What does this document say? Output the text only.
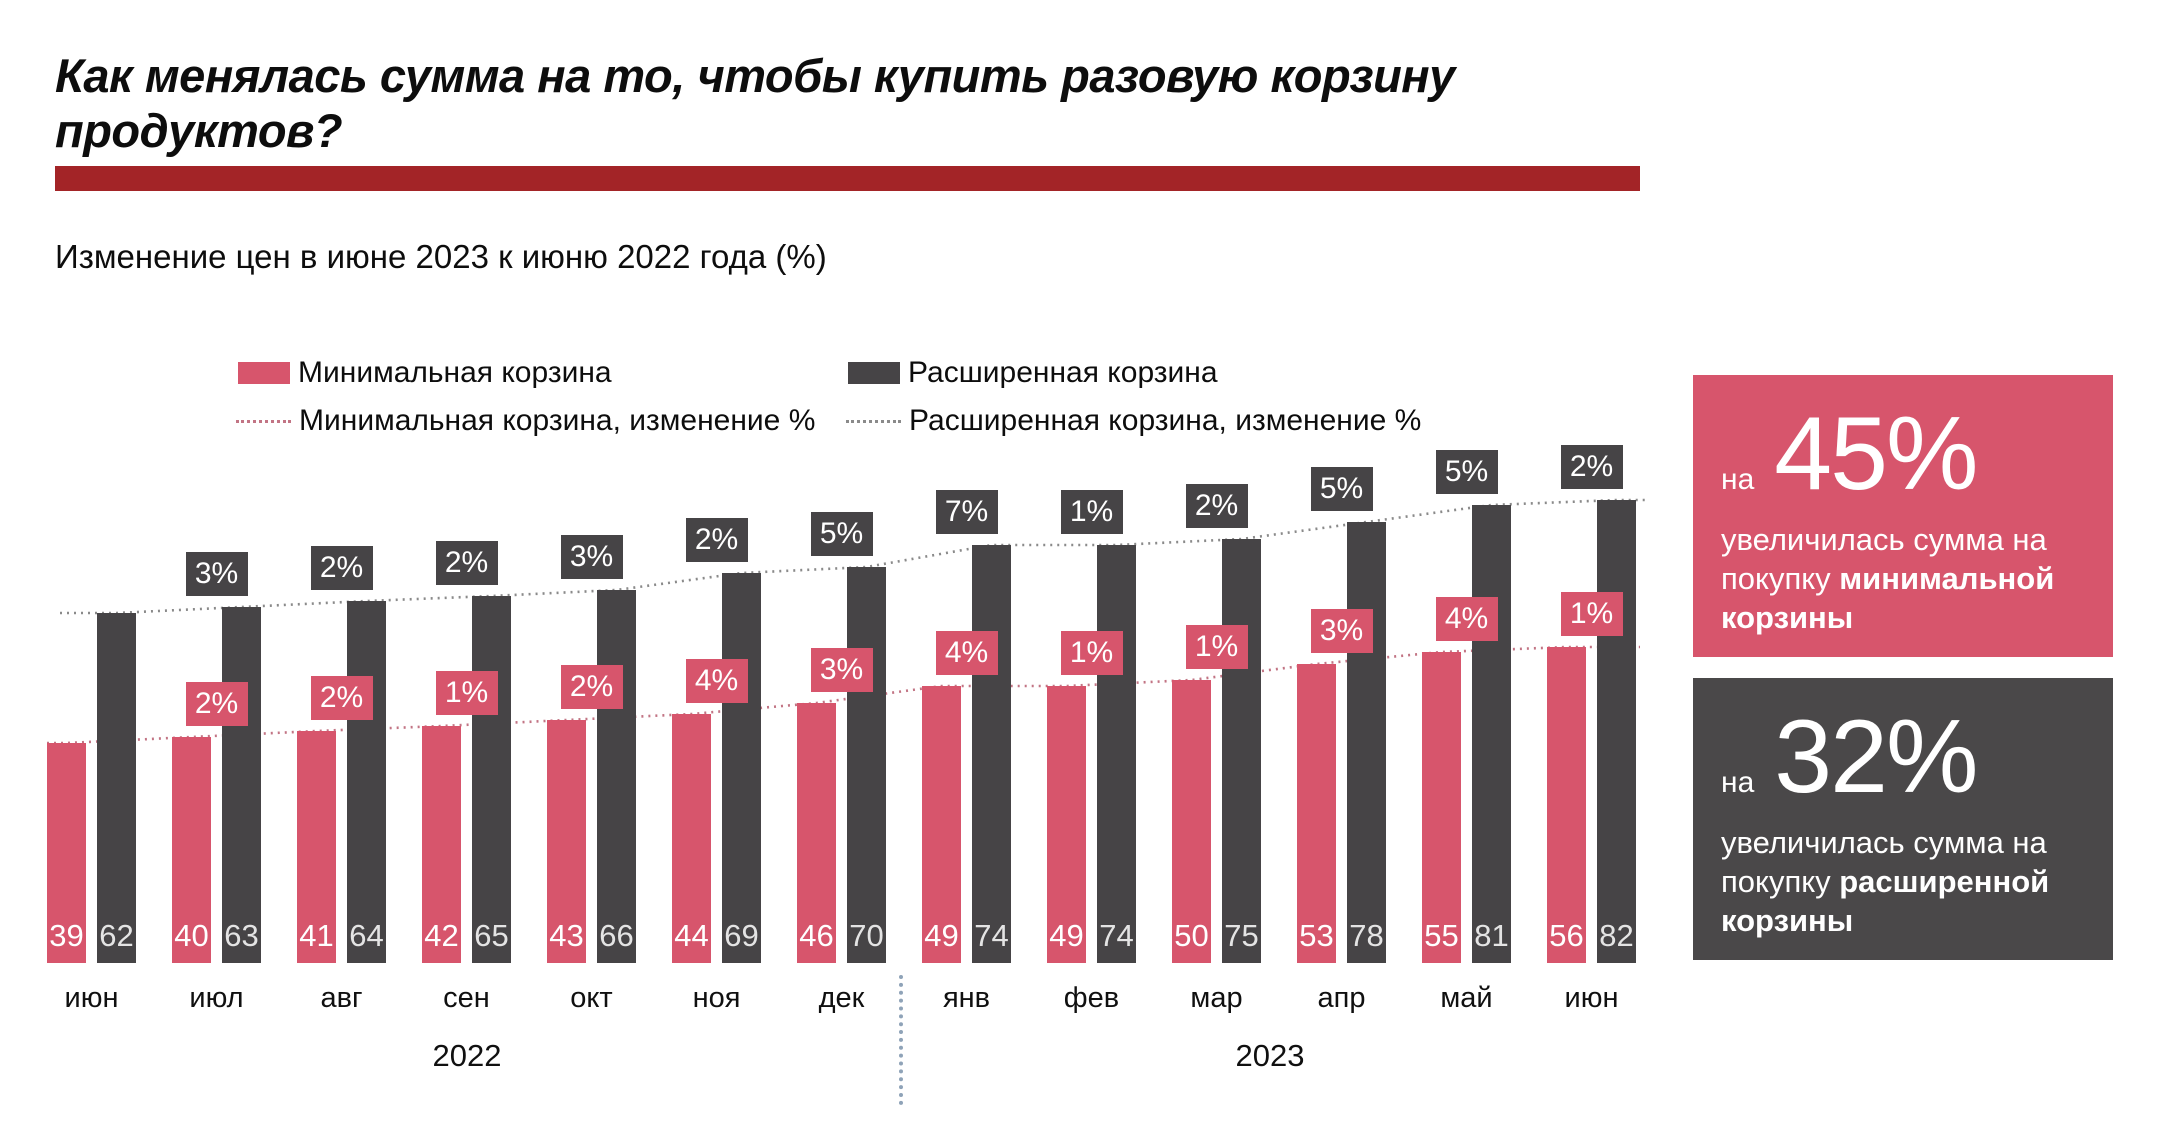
Как менялась сумма на то, чтобы купить разовую корзину продуктов?
Изменение цен в июне 2023 к июню 2022 года (%)
Минимальная корзина	Расширенная корзина
Минимальная корзина, изменение %	Расширенная корзина, изменение %
39 62
июн
40
2%
63
3%
июл
41
2%
64
2%
авг
42
1%
65
2%
сен
43
2%
66
3%
окт
44
4%
69
2%
ноя
46
3%
70
5%
дек
49
4%
74
7%
янв
49
1%
74
1%
фев
50
1%
75
2%
мар
53
3%
78
5%
апр
55
4%
81
5%
май
56
1%
82
2%
июн
2022	2023
на 45%
увеличилась сумма на покупку минимальной корзины
на 32%
увеличилась сумма на покупку расширенной корзины
